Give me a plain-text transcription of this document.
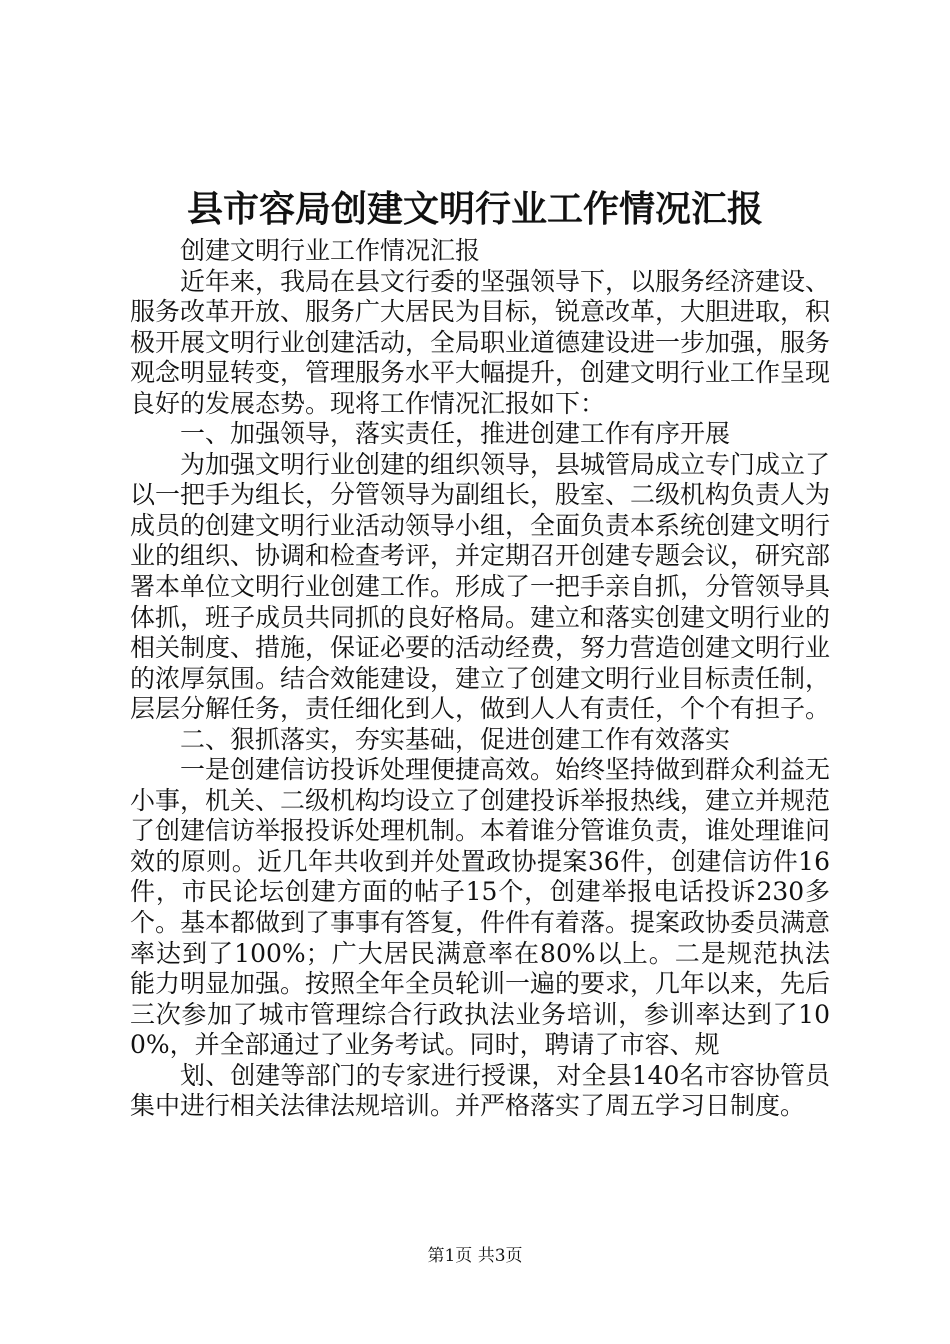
县市容局创建文明行业工作情况汇报

创建文明行业工作情况汇报

近年来，我局在县文行委的坚强领导下，以服务经济建设、服务改革开放、服务广大居民为目标，锐意改革，大胆进取，积极开展文明行业创建活动，全局职业道德建设进一步加强，服务观念明显转变，管理服务水平大幅提升，创建文明行业工作呈现良好的发展态势。现将工作情况汇报如下：

一、加强领导，落实责任，推进创建工作有序开展

为加强文明行业创建的组织领导，县城管局成立专门成立了以一把手为组长，分管领导为副组长，股室、二级机构负责人为成员的创建文明行业活动领导小组，全面负责本系统创建文明行业的组织、协调和检查考评，并定期召开创建专题会议，研究部署本单位文明行业创建工作。形成了一把手亲自抓，分管领导具体抓，班子成员共同抓的良好格局。建立和落实创建文明行业的相关制度、措施，保证必要的活动经费，努力营造创建文明行业的浓厚氛围。结合效能建设，建立了创建文明行业目标责任制，层层分解任务，责任细化到人，做到人人有责任，个个有担子。

二、狠抓落实，夯实基础，促进创建工作有效落实

一是创建信访投诉处理便捷高效。始终坚持做到群众利益无小事，机关、二级机构均设立了创建投诉举报热线，建立并规范了创建信访举报投诉处理机制。本着谁分管谁负责，谁处理谁问效的原则。近几年共收到并处置政协提案36件，创建信访件16件，市民论坛创建方面的帖子15个，创建举报电话投诉230多个。基本都做到了事事有答复，件件有着落。提案政协委员满意率达到了100%；广大居民满意率在80%以上。二是规范执法能力明显加强。按照全年全员轮训一遍的要求，几年以来，先后三次参加了城市管理综合行政执法业务培训，参训率达到了100%，并全部通过了业务考试。同时，聘请了市容、规

划、创建等部门的专家进行授课，对全县140名市容协管员集中进行相关法律法规培训。并严格落实了周五学习日制度。

第1页 共3页
